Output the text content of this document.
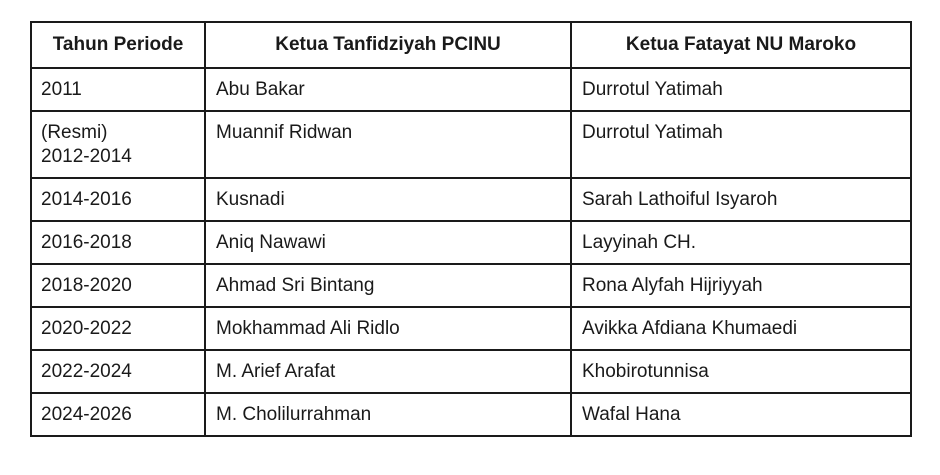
Tahun Periode	Ketua Tanfidziyah PCINU	Ketua Fatayat NU Maroko

2011	Abu Bakar	Durrotul Yatimah

(Resmi)
2012-2014	Muannif Ridwan	Durrotul Yatimah

2014-2016	Kusnadi	Sarah Lathoiful Isyaroh

2016-2018	Aniq Nawawi	Layyinah CH.

2018-2020	Ahmad Sri Bintang	Rona Alyfah Hijriyyah

2020-2022	Mokhammad Ali Ridlo	Avikka Afdiana Khumaedi

2022-2024	M. Arief Arafat	Khobirotunnisa

2024-2026	M. Cholilurrahman	Wafal Hana
